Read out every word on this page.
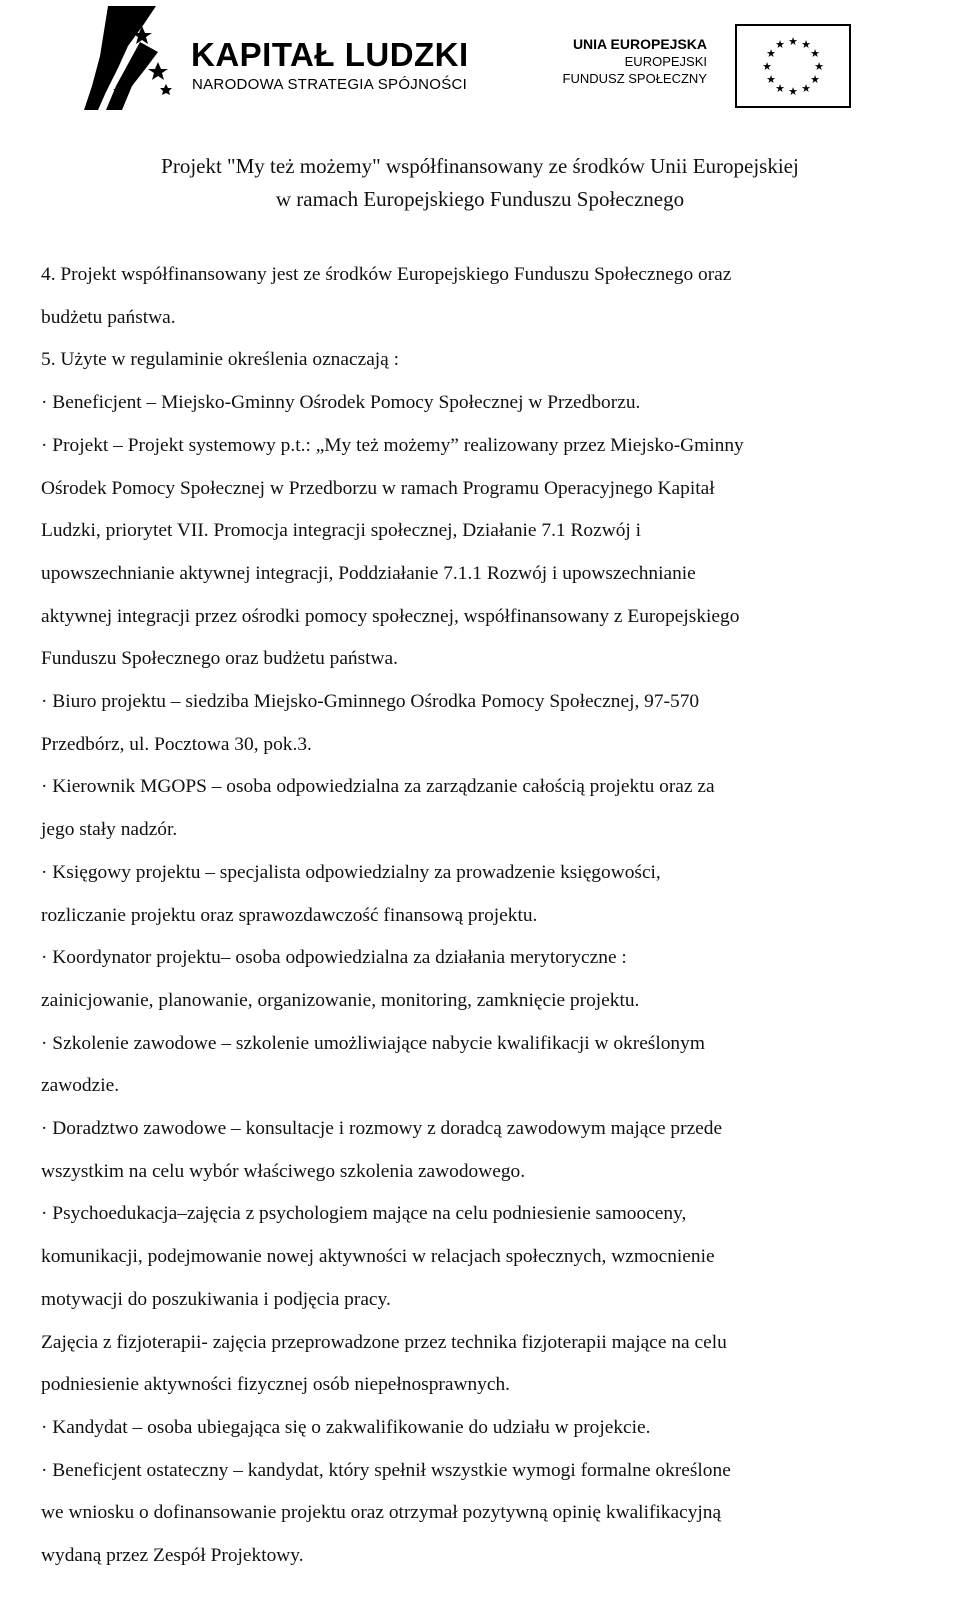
KAPITAŁ LUDZKI
NARODOWA STRATEGIA SPÓJNOŚCI
UNIA EUROPEJSKA
EUROPEJSKI
FUNDUSZ SPOŁECZNY
★ ★
★
★
★
★
★
★
★
★
★
★
Projekt "My też możemy" współfinansowany ze środków Unii Europejskiej
w ramach Europejskiego Funduszu Społecznego
4. Projekt współfinansowany jest ze środków Europejskiego Funduszu Społecznego oraz
budżetu państwa.
5. Użyte w regulaminie określenia oznaczają :
· Beneficjent – Miejsko-Gminny Ośrodek Pomocy Społecznej w Przedborzu.
· Projekt – Projekt systemowy p.t.: „My też możemy” realizowany przez Miejsko-Gminny
Ośrodek Pomocy Społecznej w Przedborzu w ramach Programu Operacyjnego Kapitał
Ludzki, priorytet VII. Promocja integracji społecznej, Działanie 7.1 Rozwój i
upowszechnianie aktywnej integracji, Poddziałanie 7.1.1 Rozwój i upowszechnianie
aktywnej integracji przez ośrodki pomocy społecznej, współfinansowany z Europejskiego
Funduszu Społecznego oraz budżetu państwa.
· Biuro projektu – siedziba Miejsko-Gminnego Ośrodka Pomocy Społecznej, 97-570
Przedbórz, ul. Pocztowa 30, pok.3.
· Kierownik MGOPS – osoba odpowiedzialna za zarządzanie całością projektu oraz za
jego stały nadzór.
· Księgowy projektu – specjalista odpowiedzialny za prowadzenie księgowości,
rozliczanie projektu oraz sprawozdawczość finansową projektu.
· Koordynator projektu– osoba odpowiedzialna za działania merytoryczne :
zainicjowanie, planowanie, organizowanie, monitoring, zamknięcie projektu.
· Szkolenie zawodowe – szkolenie umożliwiające nabycie kwalifikacji w określonym
zawodzie.
· Doradztwo zawodowe – konsultacje i rozmowy z doradcą zawodowym mające przede
wszystkim na celu wybór właściwego szkolenia zawodowego.
· Psychoedukacja–zajęcia z psychologiem mające na celu podniesienie samooceny,
komunikacji, podejmowanie nowej aktywności w relacjach społecznych, wzmocnienie
motywacji do poszukiwania i podjęcia pracy.
Zajęcia z fizjoterapii- zajęcia przeprowadzone przez technika fizjoterapii mające na celu
podniesienie aktywności fizycznej osób niepełnosprawnych.
· Kandydat – osoba ubiegająca się o zakwalifikowanie do udziału w projekcie.
· Beneficjent ostateczny – kandydat, który spełnił wszystkie wymogi formalne określone
we wniosku o dofinansowanie projektu oraz otrzymał pozytywną opinię kwalifikacyjną
wydaną przez Zespół Projektowy.
